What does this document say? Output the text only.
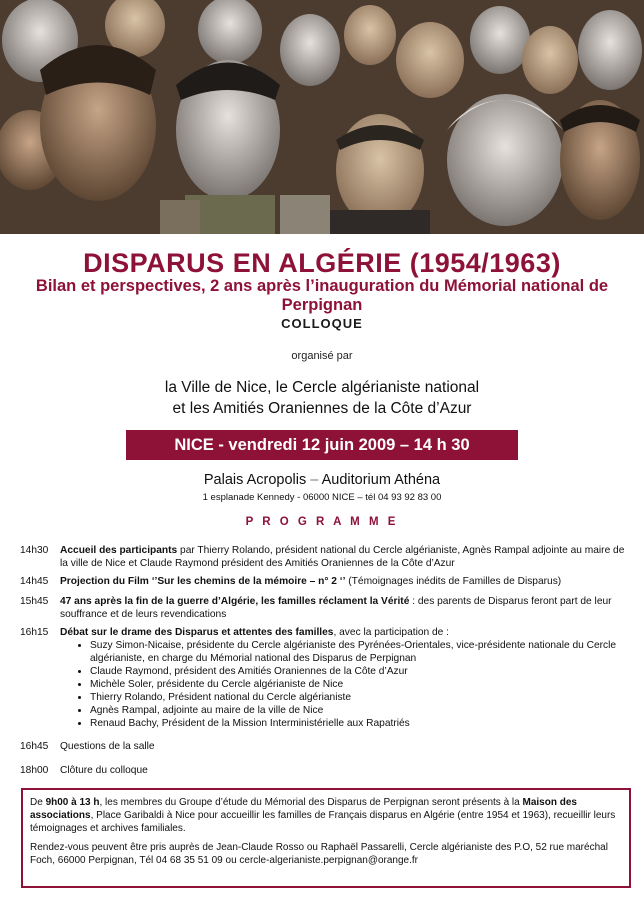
DISPARUS EN ALGÉRIE (1954/1963)
Bilan et perspectives, 2 ans après l’inauguration du Mémorial national de Perpignan
COLLOQUE
organisé par
la Ville de Nice, le Cercle algérianiste national
et les Amitiés Oraniennes de la Côte d’Azur
NICE - vendredi 12 juin 2009 – 14 h 30
Palais Acropolis – Auditorium Athéna
1 esplanade Kennedy - 06000 NICE – tél 04 93 92 83 00
P R O G R A M M E
14h30	Accueil des participants par Thierry Rolando, président national du Cercle algérianiste, Agnès Rampal adjointe au maire de la ville de Nice et Claude Raymond président des Amitiés Oraniennes de la Côte d’Azur
14h45	Projection du Film ‘’Sur les chemins de la mémoire – n° 2 ‘’ (Témoignages inédits de Familles de Disparus)
15h45	47 ans après la fin de la guerre d’Algérie, les familles réclament la Vérité : des parents de Disparus feront part de leur souffrance et de leurs revendications
16h15	Débat sur le drame des Disparus et attentes des familles, avec la participation de :
• Suzy Simon-Nicaise, présidente du Cercle algérianiste des Pyrénées-Orientales, vice-présidente nationale du Cercle algérianiste, en charge du Mémorial national des Disparus de Perpignan
• Claude Raymond, président des Amitiés Oraniennes de la Côte d’Azur
• Michèle Soler, présidente du Cercle algérianiste de Nice
• Thierry Rolando, Président national du Cercle algérianiste
• Agnès Rampal, adjointe au maire de la ville de Nice
• Renaud Bachy, Président de la Mission Interministérielle aux Rapatriés
16h45	Questions de la salle
18h00	Clôture du colloque

De 9h00 à 13 h, les membres du Groupe d’étude du Mémorial des Disparus de Perpignan seront présents à la Maison des associations, Place Garibaldi à Nice pour accueillir les familles de Français disparus en Algérie (entre 1954 et 1963), recueillir leurs témoignages et archives familiales.

Rendez-vous peuvent être pris auprès de Jean-Claude Rosso ou Raphaël Passarelli, Cercle algérianiste des P.O, 52 rue maréchal Foch, 66000 Perpignan, Tél 04 68 35 51 09 ou cercle-algerianiste.perpignan@orange.fr
